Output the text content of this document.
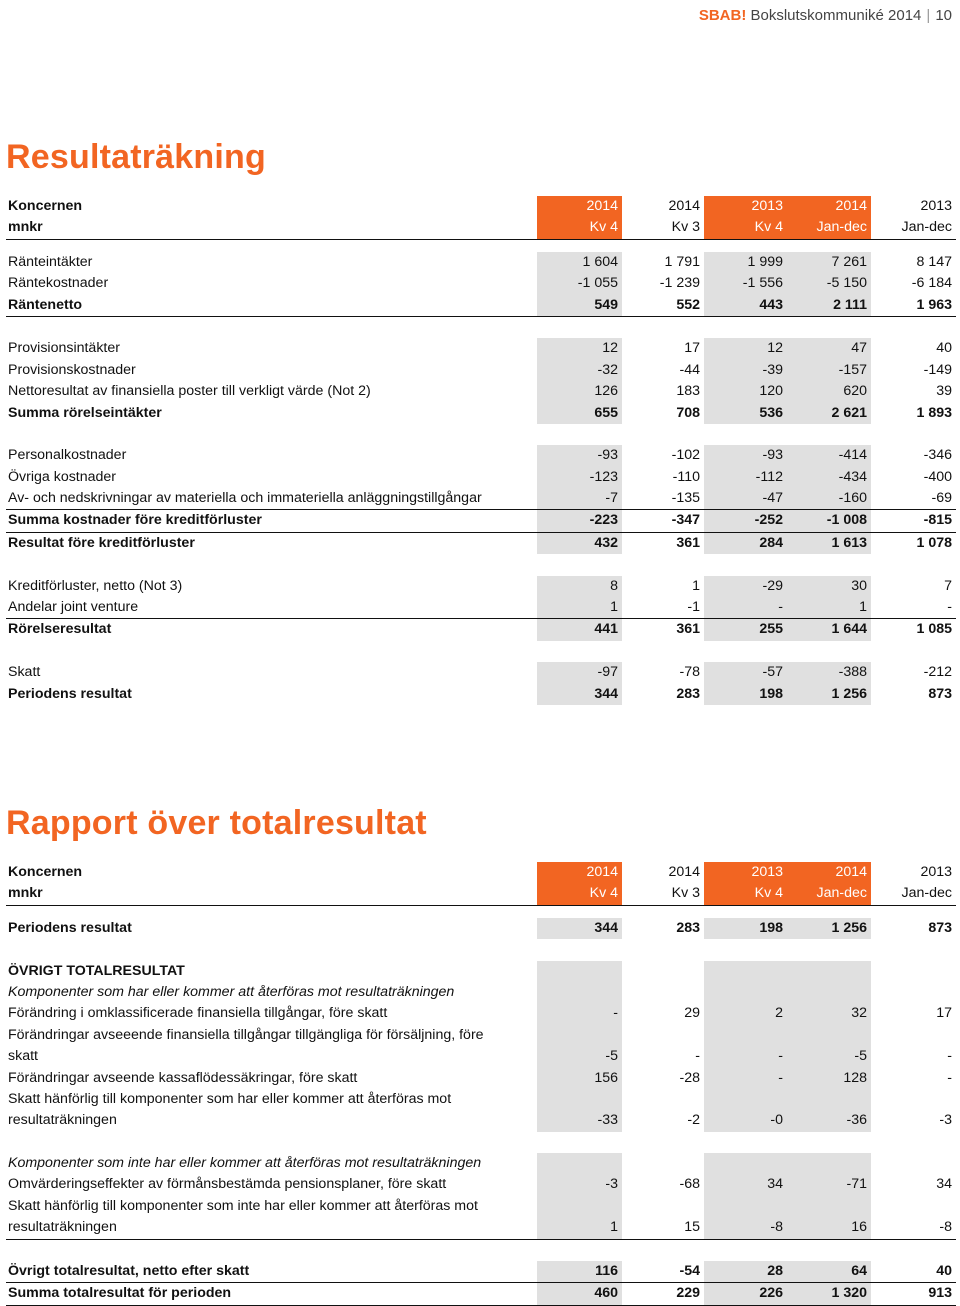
SBAB! Bokslutskommuniké 2014 | 10
Resultaträkning
Koncernen	2014	2014	2013	2014	2013
mnkr	Kv 4	Kv 3	Kv 4	Jan-dec	Jan-dec
Ränteintäkter	1 604	1 791	1 999	7 261	8 147
Räntekostnader	-1 055	-1 239	-1 556	-5 150	-6 184
Räntenetto	549	552	443	2 111	1 963
Provisionsintäkter	12	17	12	47	40
Provisionskostnader	-32	-44	-39	-157	-149
Nettoresultat av finansiella poster till verkligt värde (Not 2)	126	183	120	620	39
Summa rörelseintäkter	655	708	536	2 621	1 893
Personalkostnader	-93	-102	-93	-414	-346
Övriga kostnader	-123	-110	-112	-434	-400
Av- och nedskrivningar av materiella och immateriella anläggningstillgångar	-7	-135	-47	-160	-69
Summa kostnader före kreditförluster	-223	-347	-252	-1 008	-815
Resultat före kreditförluster	432	361	284	1 613	1 078
Kreditförluster, netto (Not 3)	8	1	-29	30	7
Andelar joint venture	1	-1	-	1	-
Rörelseresultat	441	361	255	1 644	1 085
Skatt	-97	-78	-57	-388	-212
Periodens resultat	344	283	198	1 256	873
Rapport över totalresultat
Koncernen	2014	2014	2013	2014	2013
mnkr	Kv 4	Kv 3	Kv 4	Jan-dec	Jan-dec
Periodens resultat	344	283	198	1 256	873
ÖVRIGT TOTALRESULTAT
Komponenter som har eller kommer att återföras mot resultaträkningen
Förändring i omklassificerade finansiella tillgångar, före skatt	-	29	2	32	17
Förändringar avseeende finansiella tillgångar tillgängliga för försäljning, före
skatt	-5	-	-	-5	-
Förändringar avseende kassaflödessäkringar, före skatt	156	-28	-	128	-
Skatt hänförlig till komponenter som har eller kommer att återföras mot
resultaträkningen	-33	-2	-0	-36	-3
Komponenter som inte har eller kommer att återföras mot resultaträkningen
Omvärderingseffekter av förmånsbestämda pensionsplaner, före skatt	-3	-68	34	-71	34
Skatt hänförlig till komponenter som inte har eller kommer att återföras mot
resultaträkningen	1	15	-8	16	-8
Övrigt totalresultat, netto efter skatt	116	-54	28	64	40
Summa totalresultat för perioden	460	229	226	1 320	913
